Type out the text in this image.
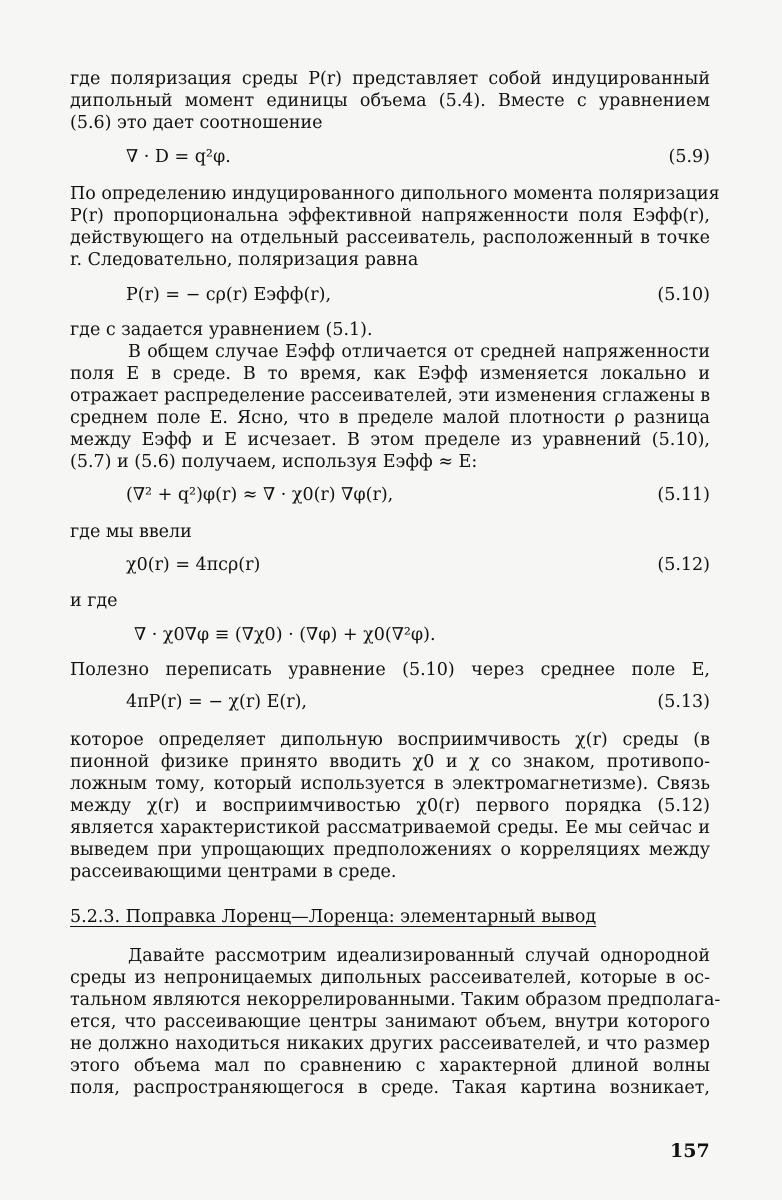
где поляризация среды P(r) представляет собой индуцированный
дипольный момент единицы объема (5.4). Вместе с уравнением
(5.6) это дает соотношение
∇ · D = q²φ.	(5.9)
По определению индуцированного дипольного момента поляризация
P(r) пропорциональна эффективной напряженности поля Eэфф(r),
действующего на отдельный рассеиватель, расположенный в точке
r. Следовательно, поляризация равна
P(r) = − cρ(r) Eэфф(r),	(5.10)
где c задается уравнением (5.1).
В общем случае Eэфф отличается от средней напряженности
поля E в среде. В то время, как Eэфф изменяется локально и
отражает распределение рассеивателей, эти изменения сглажены в
среднем поле E. Ясно, что в пределе малой плотности ρ разница
между Eэфф и E исчезает. В этом пределе из уравнений (5.10),
(5.7) и (5.6) получаем, используя Eэфф ≈ E:
(∇² + q²)φ(r) ≈ ∇ · χ0(r) ∇φ(r),	(5.11)
где мы ввели
χ0(r) = 4πcρ(r)	(5.12)
и где
∇ · χ0∇φ ≡ (∇χ0) · (∇φ) + χ0(∇²φ).
Полезно переписать уравнение (5.10) через среднее поле E,
4πP(r) = − χ(r) E(r),	(5.13)
которое определяет дипольную восприимчивость χ(r) среды (в
пионной физике принято вводить χ0 и χ со знаком, противопо-
ложным тому, который используется в электромагнетизме). Связь
между χ(r) и восприимчивостью χ0(r) первого порядка (5.12)
является характеристикой рассматриваемой среды. Ее мы сейчас и
выведем при упрощающих предположениях о корреляциях между
рассеивающими центрами в среде.
5.2.3. Поправка Лоренц—Лоренца: элементарный вывод
Давайте рассмотрим идеализированный случай однородной
среды из непроницаемых дипольных рассеивателей, которые в ос-
тальном являются некоррелированными. Таким образом предполага-
ется, что рассеивающие центры занимают объем, внутри которого
не должно находиться никаких других рассеивателей, и что размер
этого объема мал по сравнению с характерной длиной волны
поля, распространяющегося в среде. Такая картина возникает,
157
